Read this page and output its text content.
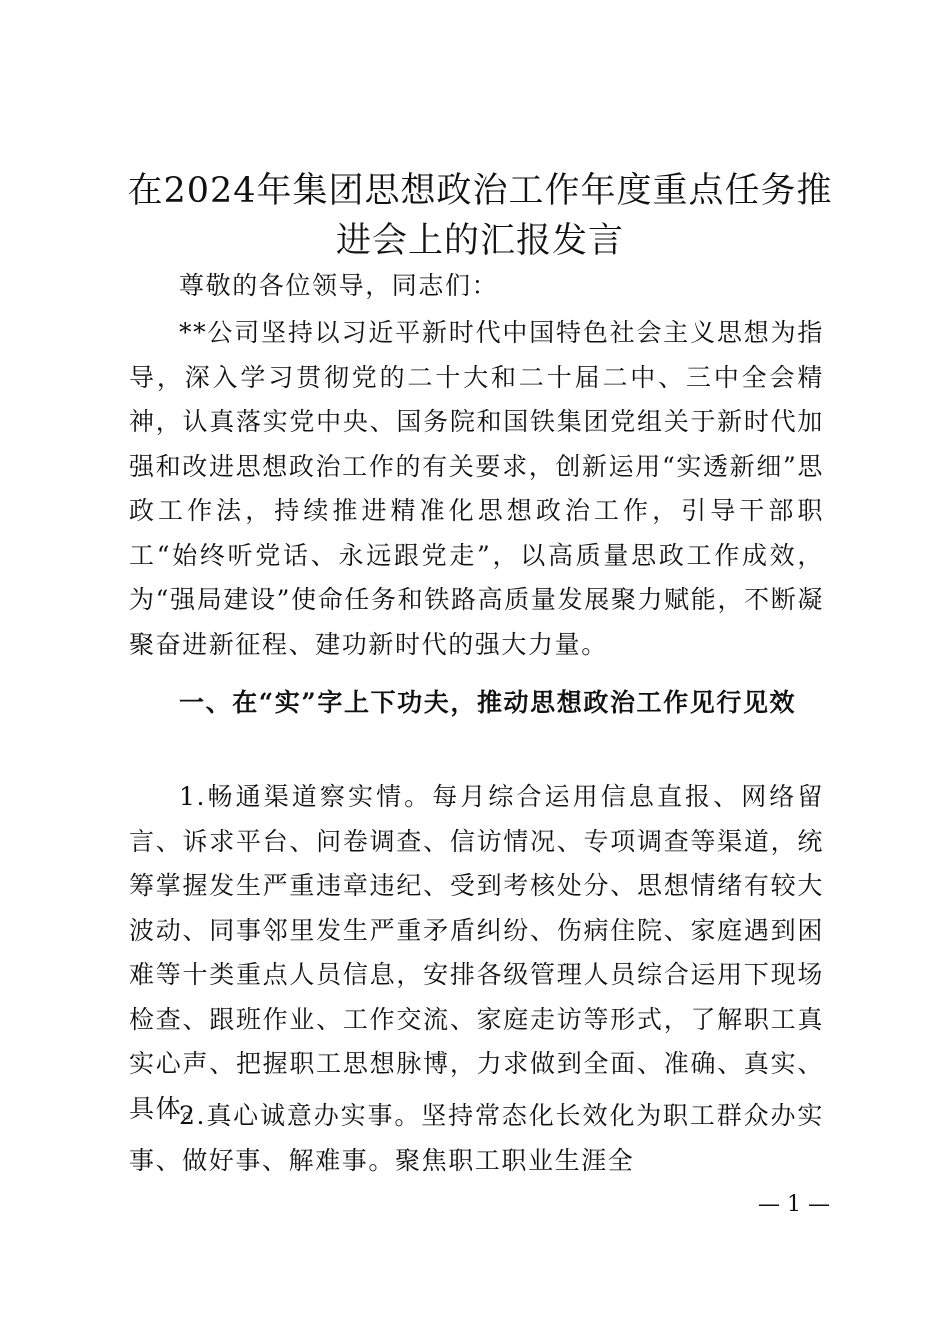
在2024年集团思想政治工作年度重点任务推进会上的汇报发言
尊敬的各位领导，同志们：
**公司坚持以习近平新时代中国特色社会主义思想为指导，深入学习贯彻党的二十大和二十届二中、三中全会精神，认真落实党中央、国务院和国铁集团党组关于新时代加强和改进思想政治工作的有关要求，创新运用“实透新细”思政工作法，持续推进精准化思想政治工作，引导干部职工“始终听党话、永远跟党走”，以高质量思政工作成效，为“强局建设”使命任务和铁路高质量发展聚力赋能，不断凝聚奋进新征程、建功新时代的强大力量。
一、在“实”字上下功夫，推动思想政治工作见行见效
1.畅通渠道察实情。每月综合运用信息直报、网络留言、诉求平台、问卷调查、信访情况、专项调查等渠道，统筹掌握发生严重违章违纪、受到考核处分、思想情绪有较大波动、同事邻里发生严重矛盾纠纷、伤病住院、家庭遇到困难等十类重点人员信息，安排各级管理人员综合运用下现场检查、跟班作业、工作交流、家庭走访等形式，了解职工真实心声、把握职工思想脉博，力求做到全面、准确、真实、具体。
2.真心诚意办实事。坚持常态化长效化为职工群众办实事、做好事、解难事。聚焦职工职业生涯全
— 1 —
